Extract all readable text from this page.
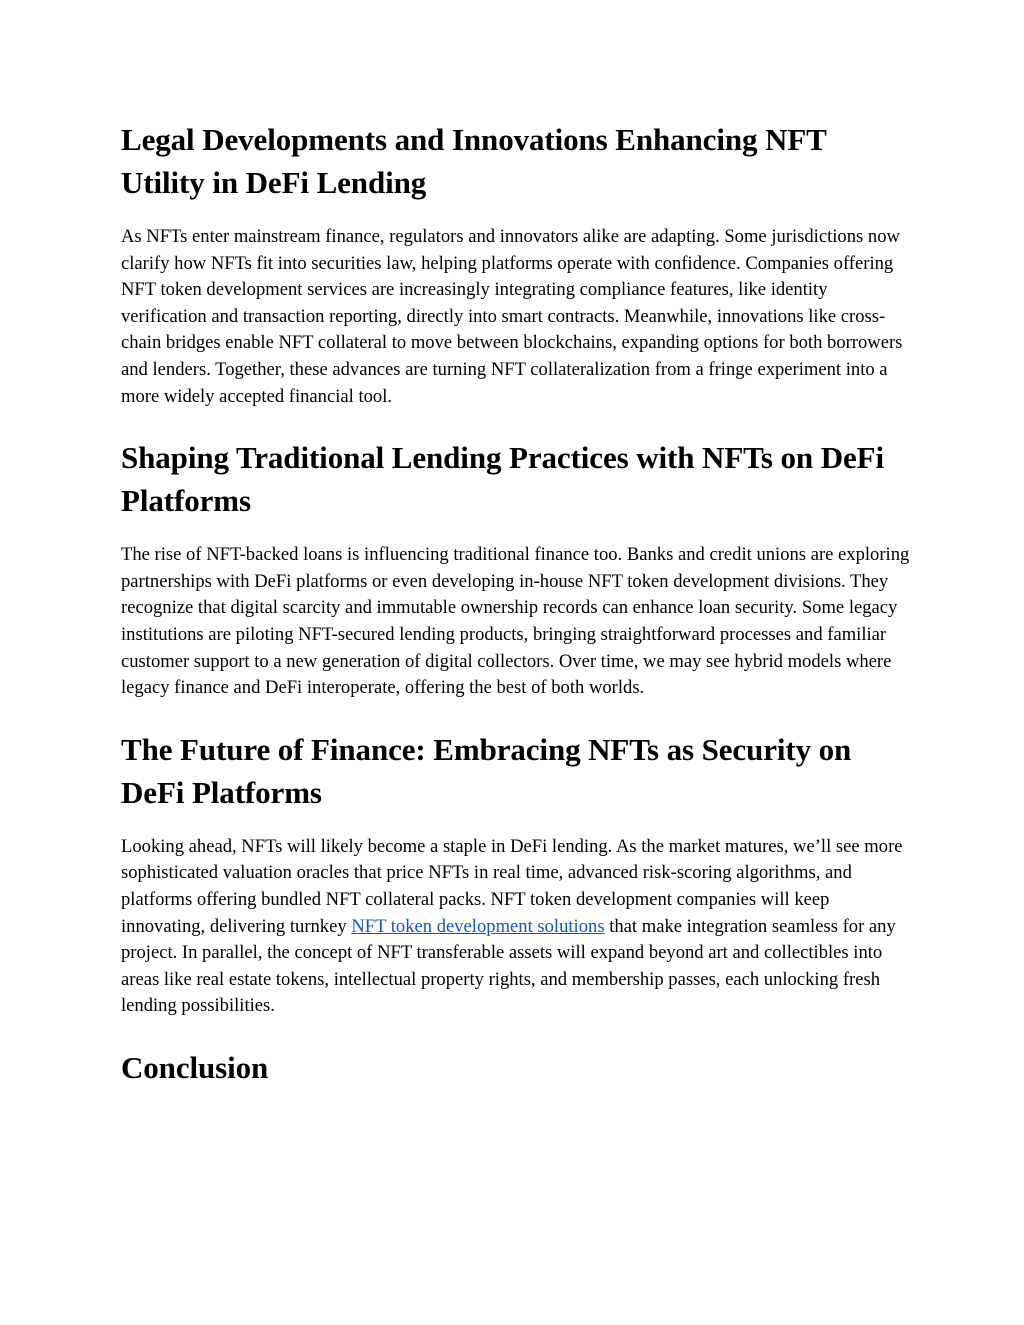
Legal Developments and Innovations Enhancing NFT Utility in DeFi Lending

As NFTs enter mainstream finance, regulators and innovators alike are adapting. Some jurisdictions now clarify how NFTs fit into securities law, helping platforms operate with confidence. Companies offering NFT token development services are increasingly integrating compliance features, like identity verification and transaction reporting, directly into smart contracts. Meanwhile, innovations like cross-chain bridges enable NFT collateral to move between blockchains, expanding options for both borrowers and lenders. Together, these advances are turning NFT collateralization from a fringe experiment into a more widely accepted financial tool.

Shaping Traditional Lending Practices with NFTs on DeFi Platforms

The rise of NFT-backed loans is influencing traditional finance too. Banks and credit unions are exploring partnerships with DeFi platforms or even developing in-house NFT token development divisions. They recognize that digital scarcity and immutable ownership records can enhance loan security. Some legacy institutions are piloting NFT-secured lending products, bringing straightforward processes and familiar customer support to a new generation of digital collectors. Over time, we may see hybrid models where legacy finance and DeFi interoperate, offering the best of both worlds.

The Future of Finance: Embracing NFTs as Security on DeFi Platforms

Looking ahead, NFTs will likely become a staple in DeFi lending. As the market matures, we’ll see more sophisticated valuation oracles that price NFTs in real time, advanced risk-scoring algorithms, and platforms offering bundled NFT collateral packs. NFT token development companies will keep innovating, delivering turnkey NFT token development solutions that make integration seamless for any project. In parallel, the concept of NFT transferable assets will expand beyond art and collectibles into areas like real estate tokens, intellectual property rights, and membership passes, each unlocking fresh lending possibilities.

Conclusion
